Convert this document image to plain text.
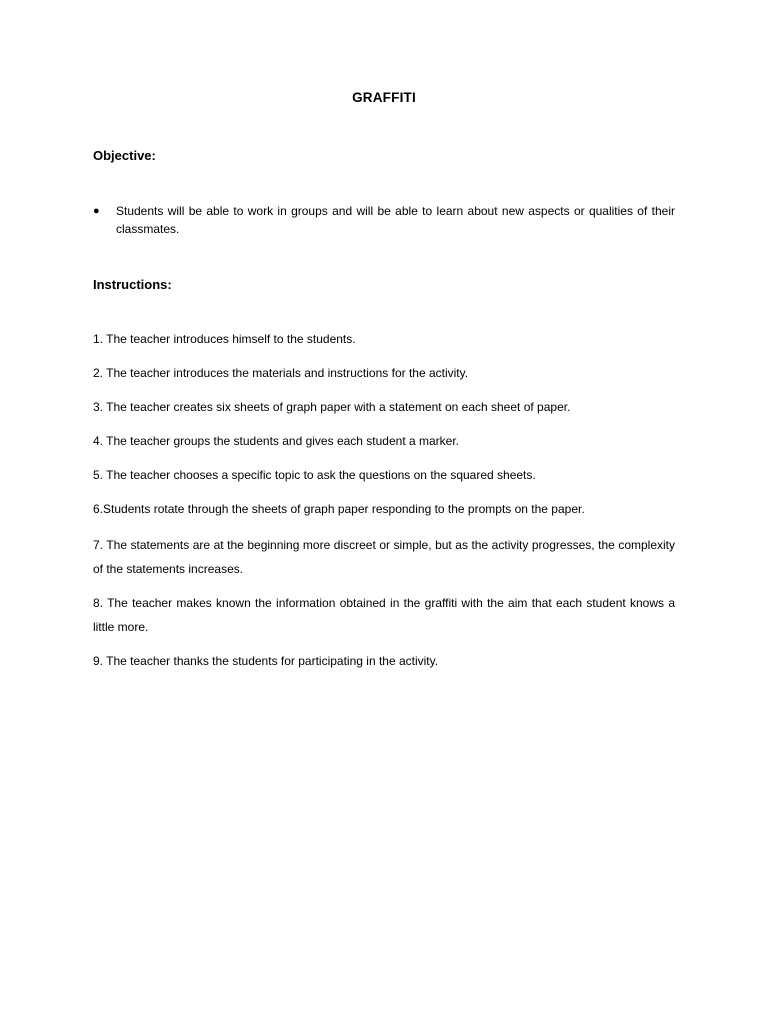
GRAFFITI
Objective:
● Students will be able to work in groups and will be able to learn about new aspects or qualities of their classmates.
Instructions:
1. The teacher introduces himself to the students.
2. The teacher introduces the materials and instructions for the activity.
3. The teacher creates six sheets of graph paper with a statement on each sheet of paper.
4. The teacher groups the students and gives each student a marker.
5. The teacher chooses a specific topic to ask the questions on the squared sheets.
6.Students rotate through the sheets of graph paper responding to the prompts on the paper.
7. The statements are at the beginning more discreet or simple, but as the activity progresses, the complexity of the statements increases.
8. The teacher makes known the information obtained in the graffiti with the aim that each student knows a little more.
9. The teacher thanks the students for participating in the activity.
